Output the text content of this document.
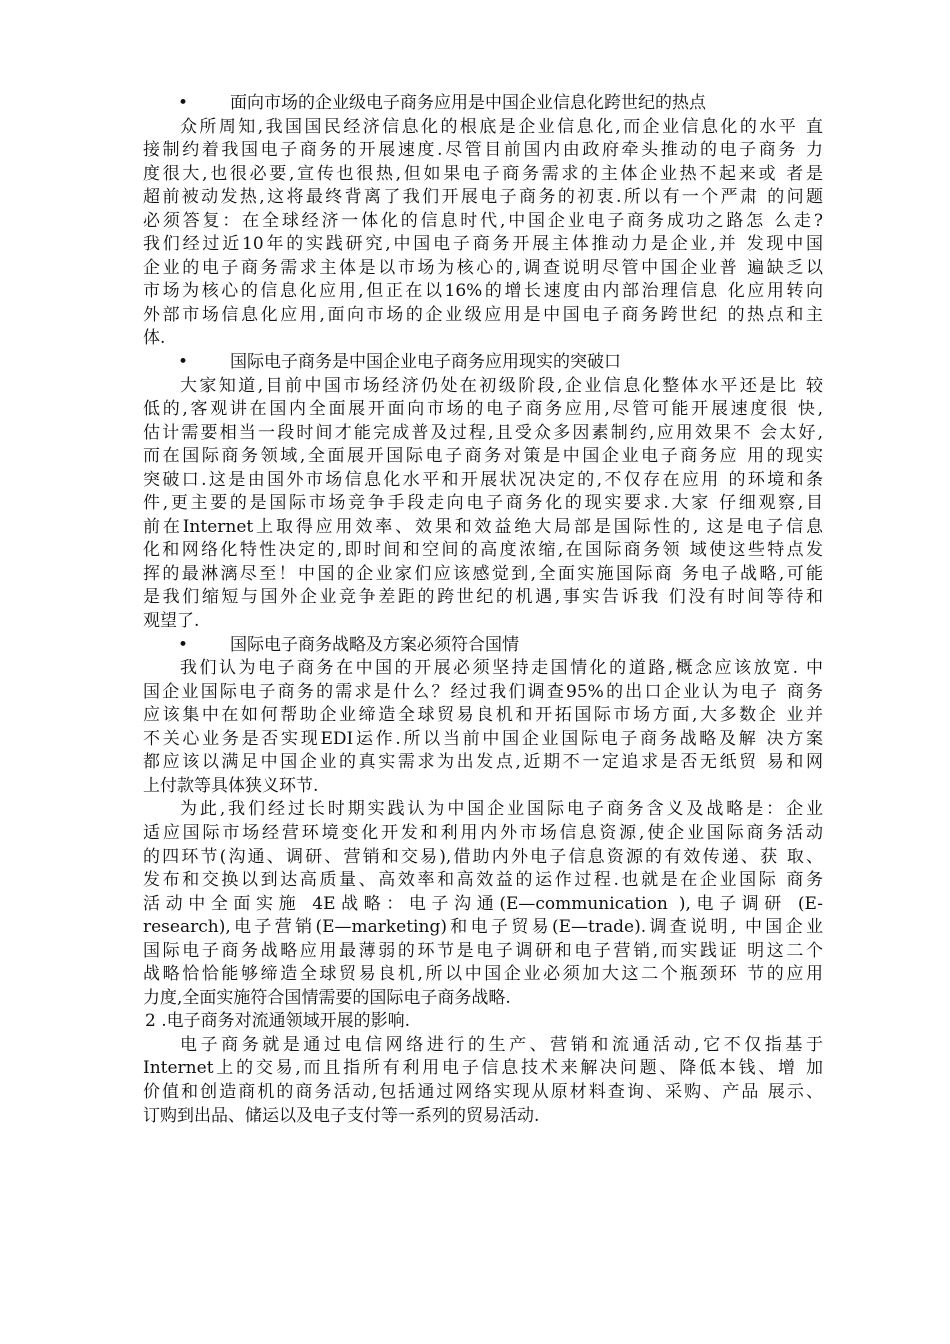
• 面向市场的企业级电子商务应用是中国企业信息化跨世纪的热点
众所周知,我国国民经济信息化的根底是企业信息化,而企业信息化的水平 直
接制约着我国电子商务的开展速度.尽管目前国内由政府牵头推动的电子商务 力
度很大,也很必要,宣传也很热,但如果电子商务需求的主体企业热不起来或 者是
超前被动发热,这将最终背离了我们开展电子商务的初衷.所以有一个严肃 的问题
必须答复：在全球经济一体化的信息时代,中国企业电子商务成功之路怎 么走?
我们经过近10年的实践研究,中国电子商务开展主体推动力是企业,并 发现中国
企业的电子商务需求主体是以市场为核心的,调查说明尽管中国企业普 遍缺乏以
市场为核心的信息化应用,但正在以16%的增长速度由内部治理信息 化应用转向
外部市场信息化应用,面向市场的企业级应用是中国电子商务跨世纪 的热点和主
体.
• 国际电子商务是中国企业电子商务应用现实的突破口
大家知道,目前中国市场经济仍处在初级阶段,企业信息化整体水平还是比 较
低的,客观讲在国内全面展开面向市场的电子商务应用,尽管可能开展速度很 快,
估计需要相当一段时间才能完成普及过程,且受众多因素制约,应用效果不 会太好,
而在国际商务领域,全面展开国际电子商务对策是中国企业电子商务应 用的现实
突破口.这是由国外市场信息化水平和开展状况决定的,不仅存在应用 的环境和条
件,更主要的是国际市场竞争手段走向电子商务化的现实要求.大家 仔细观察,目
前在Internet上取得应用效率、效果和效益绝大局部是国际性的, 这是电子信息
化和网络化特性决定的,即时间和空间的高度浓缩,在国际商务领 域使这些特点发
挥的最淋漓尽至！中国的企业家们应该感觉到,全面实施国际商 务电子战略,可能
是我们缩短与国外企业竞争差距的跨世纪的机遇,事实告诉我 们没有时间等待和
观望了.
• 国际电子商务战略及方案必须符合国情
我们认为电子商务在中国的开展必须坚持走国情化的道路,概念应该放宽. 中
国企业国际电子商务的需求是什么？经过我们调查95%的出口企业认为电子 商务
应该集中在如何帮助企业缔造全球贸易良机和开拓国际市场方面,大多数企 业并
不关心业务是否实现EDI运作.所以当前中国企业国际电子商务战略及解 决方案
都应该以满足中国企业的真实需求为出发点,近期不一定追求是否无纸贸 易和网
上付款等具体狭义环节.
为此,我们经过长时期实践认为中国企业国际电子商务含义及战略是：企业
适应国际市场经营环境变化开发和利用内外市场信息资源,使企业国际商务活动
的四环节(沟通、调研、营销和交易),借助内外电子信息资源的有效传递、获 取、
发布和交换以到达高质量、高效率和高效益的运作过程.也就是在企业国际 商务
活动中全面实施 4E战略：电子沟通(E—communication ),电子调研 (E-
research),电子营销(E—marketing)和电子贸易(E—trade).调查说明, 中国企业
国际电子商务战略应用最薄弱的环节是电子调研和电子营销,而实践证 明这二个
战略恰恰能够缔造全球贸易良机,所以中国企业必须加大这二个瓶颈环 节的应用
力度,全面实施符合国情需要的国际电子商务战略.
2 .电子商务对流通领域开展的影响.
电子商务就是通过电信网络进行的生产、营销和流通活动,它不仅指基于
Internet上的交易,而且指所有利用电子信息技术来解决问题、降低本钱、增 加
价值和创造商机的商务活动,包括通过网络实现从原材料查询、采购、产品 展示、
订购到出品、储运以及电子支付等一系列的贸易活动.
